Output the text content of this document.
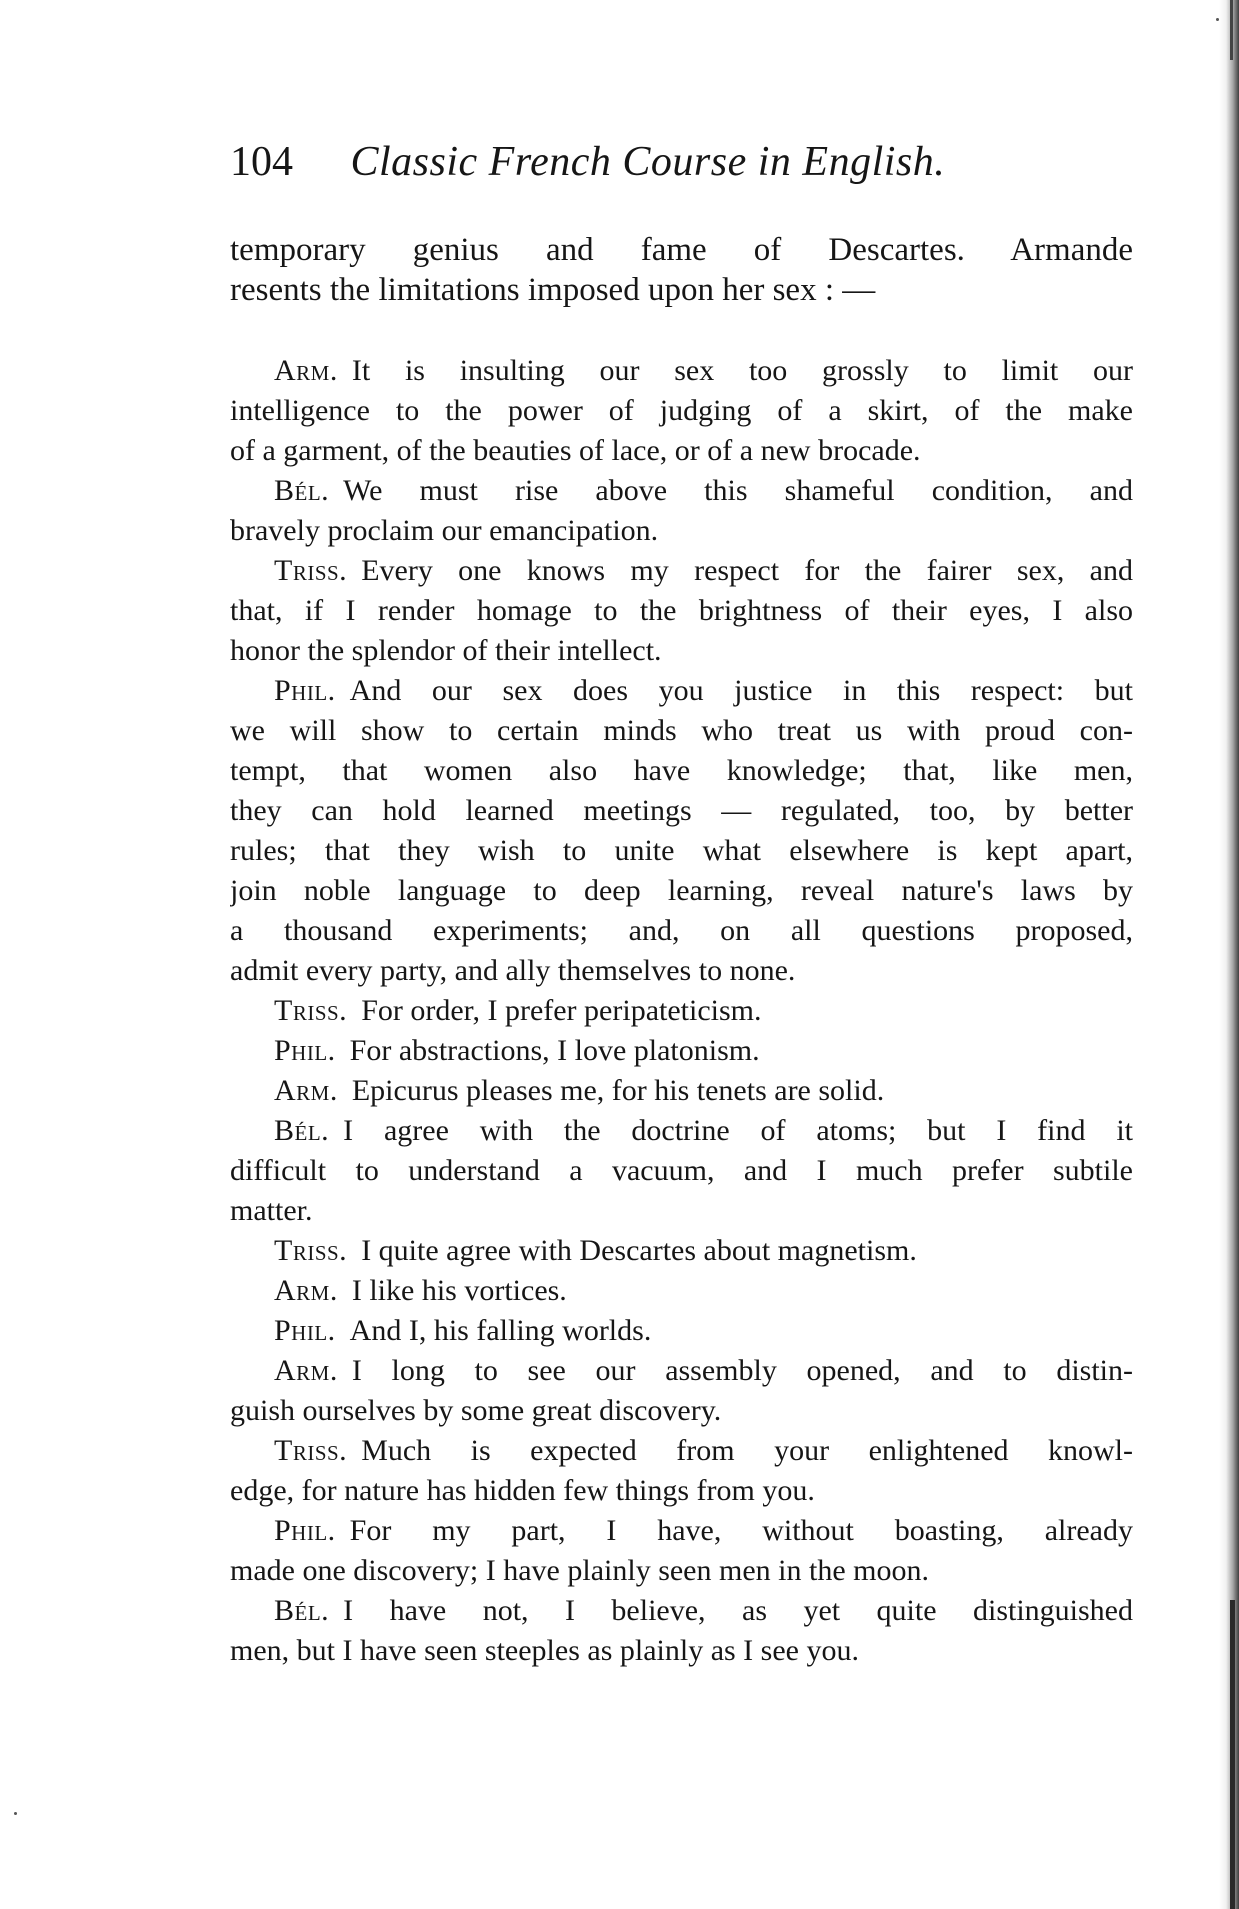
104 Classic French Course in English.
temporary genius and fame of Descartes. Armande
resents the limitations imposed upon her sex : —
Arm. It is insulting our sex too grossly to limit our
intelligence to the power of judging of a skirt, of the make
of a garment, of the beauties of lace, or of a new brocade.
Bél. We must rise above this shameful condition, and
bravely proclaim our emancipation.
Triss. Every one knows my respect for the fairer sex, and
that, if I render homage to the brightness of their eyes, I also
honor the splendor of their intellect.
Phil. And our sex does you justice in this respect: but
we will show to certain minds who treat us with proud con-
tempt, that women also have knowledge; that, like men,
they can hold learned meetings — regulated, too, by better
rules; that they wish to unite what elsewhere is kept apart,
join noble language to deep learning, reveal nature's laws by
a thousand experiments; and, on all questions proposed,
admit every party, and ally themselves to none.
Triss. For order, I prefer peripateticism.
Phil. For abstractions, I love platonism.
Arm. Epicurus pleases me, for his tenets are solid.
Bél. I agree with the doctrine of atoms; but I find it
difficult to understand a vacuum, and I much prefer subtile
matter.
Triss. I quite agree with Descartes about magnetism.
Arm. I like his vortices.
Phil. And I, his falling worlds.
Arm. I long to see our assembly opened, and to distin-
guish ourselves by some great discovery.
Triss. Much is expected from your enlightened knowl-
edge, for nature has hidden few things from you.
Phil. For my part, I have, without boasting, already
made one discovery; I have plainly seen men in the moon.
Bél. I have not, I believe, as yet quite distinguished
men, but I have seen steeples as plainly as I see you.
